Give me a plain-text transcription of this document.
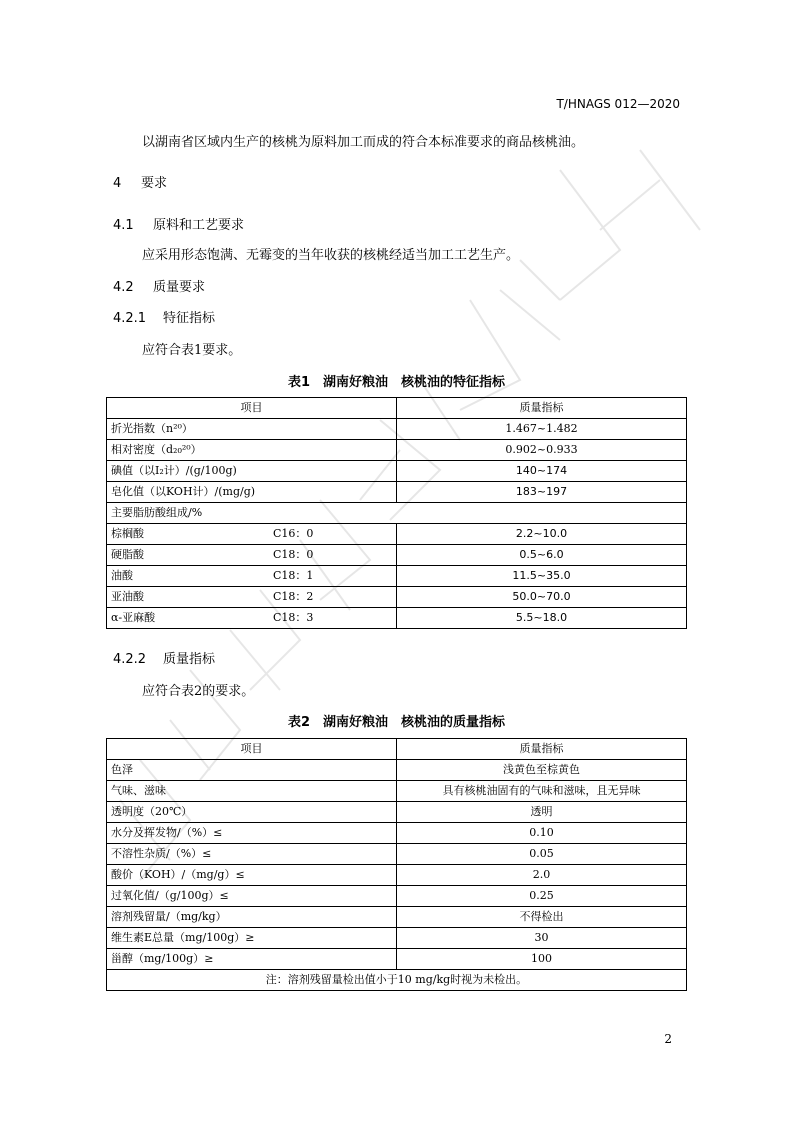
T/HNAGS 012—2020
以湖南省区域内生产的核桃为原料加工而成的符合本标准要求的商品核桃油。
4 要求
4.1 原料和工艺要求
应采用形态饱满、无霉变的当年收获的核桃经适当加工工艺生产。
4.2 质量要求
4.2.1 特征指标
应符合表1要求。
表1　湖南好粮油　核桃油的特征指标
项目	质量指标
折光指数（n²⁰）	1.467~1.482
相对密度（d₂₀²⁰）	0.902~0.933
碘值（以I₂计）/(g/100g)	140~174
皂化值（以KOH计）/(mg/g)	183~197
主要脂肪酸组成/%	
棕榈酸 C16：0	2.2~10.0
硬脂酸 C18：0	0.5~6.0
油酸 C18：1	11.5~35.0
亚油酸 C18：2	50.0~70.0
α-亚麻酸 C18：3	5.5~18.0
4.2.2 质量指标
应符合表2的要求。
表2　湖南好粮油　核桃油的质量指标
项目	质量指标
色泽	浅黄色至棕黄色
气味、滋味	具有核桃油固有的气味和滋味，且无异味
透明度（20℃）	透明
水分及挥发物/（%）≤	0.10
不溶性杂质/（%）≤	0.05
酸价（KOH）/（mg/g）≤	2.0
过氧化值/（g/100g）≤	0.25
溶剂残留量/（mg/kg）	不得检出
维生素E总量（mg/100g）≥	30
甾醇（mg/100g）≥	100
注：溶剂残留量检出值小于10 mg/kg时视为未检出。	
2
